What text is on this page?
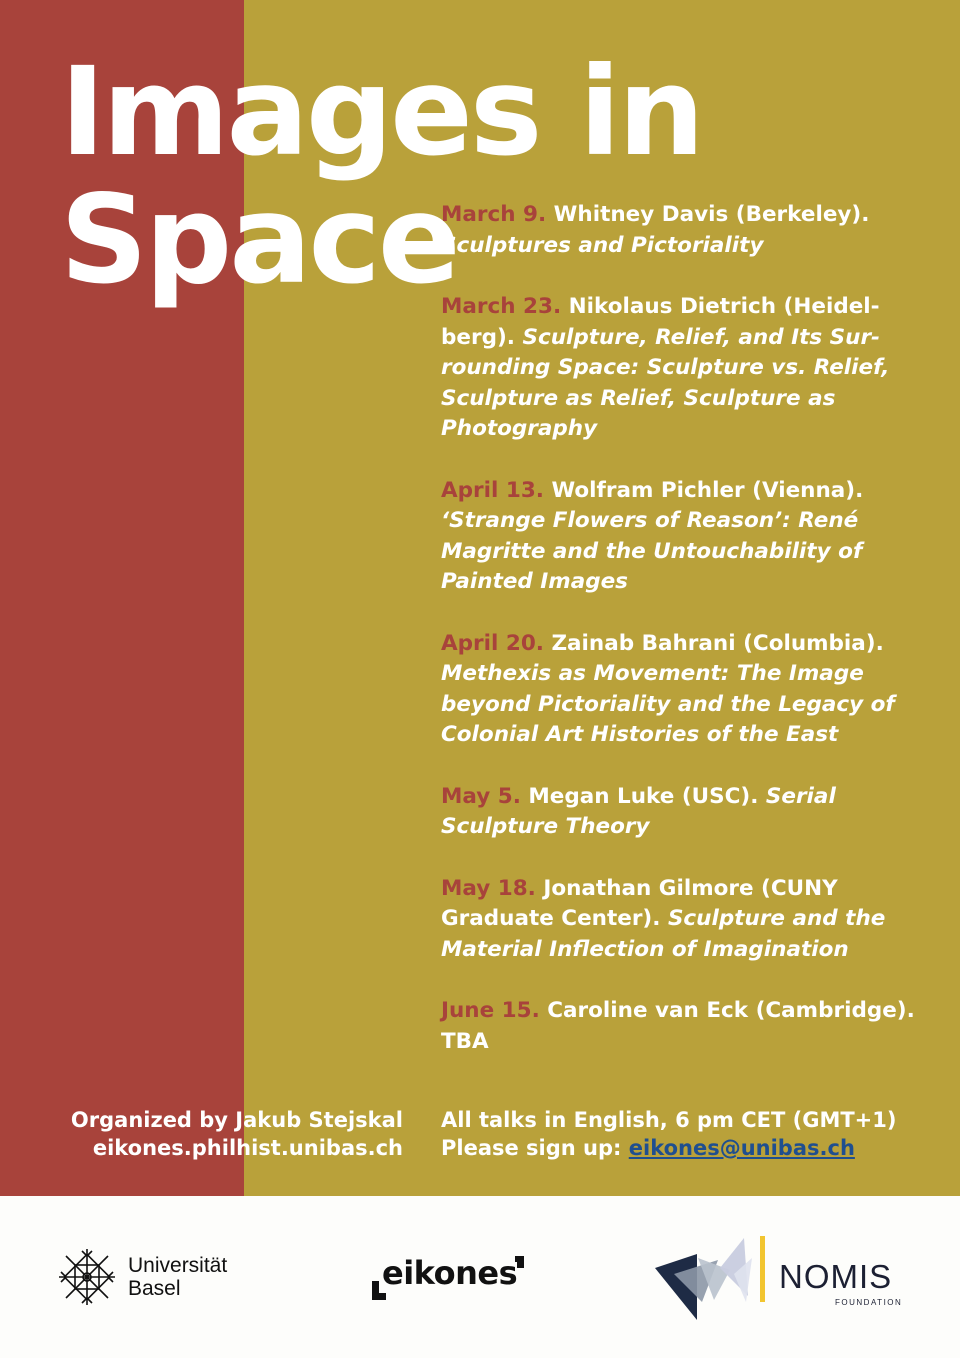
Images in
Space

March 9. Whitney Davis (Berkeley).
Sculptures and Pictoriality

March 23. Nikolaus Dietrich (Heidel-berg). Sculpture, Relief, and Its Sur-rounding Space: Sculpture vs. Relief, Sculpture as Relief, Sculpture as Photography

April 13. Wolfram Pichler (Vienna). ‘Strange Flowers of Reason’: René Magritte and the Untouchability of Painted Images

April 20. Zainab Bahrani (Columbia). Methexis as Movement: The Image beyond Pictoriality and the Legacy of Colonial Art Histories of the East

May 5. Megan Luke (USC). Serial Sculpture Theory

May 18. Jonathan Gilmore (CUNY Graduate Center). Sculpture and the Material Inflection of Imagination

June 15. Caroline van Eck (Cambridge). TBA

Organized by Jakub Stejskal
eikones.philhist.unibas.ch
All talks in English, 6 pm CET (GMT+1)
Please sign up: eikones@unibas.ch
Universität
Basel	eikones	NOMIS
FOUNDATION
